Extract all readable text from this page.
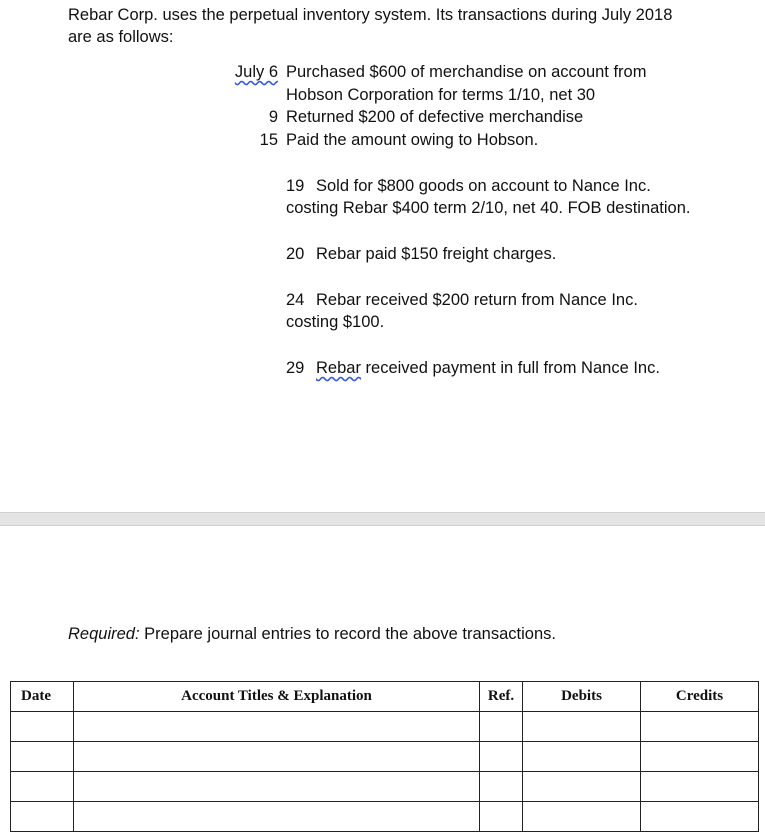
Rebar Corp. uses the perpetual inventory system. Its transactions during July 2018
are as follows:

July 6 Purchased $600 of merchandise on account from
Hobson Corporation for terms 1/10, net 30
9 Returned $200 of defective merchandise
15 Paid the amount owing to Hobson.
19 Sold for $800 goods on account to Nance Inc.
costing Rebar $400 term 2/10, net 40. FOB destination.
20 Rebar paid $150 freight charges.
24 Rebar received $200 return from Nance Inc.
costing $100.
29 Rebar received payment in full from Nance Inc.
Required: Prepare journal entries to record the above transactions.
Date	Account Titles & Explanation	Ref.	Debits	Credits
